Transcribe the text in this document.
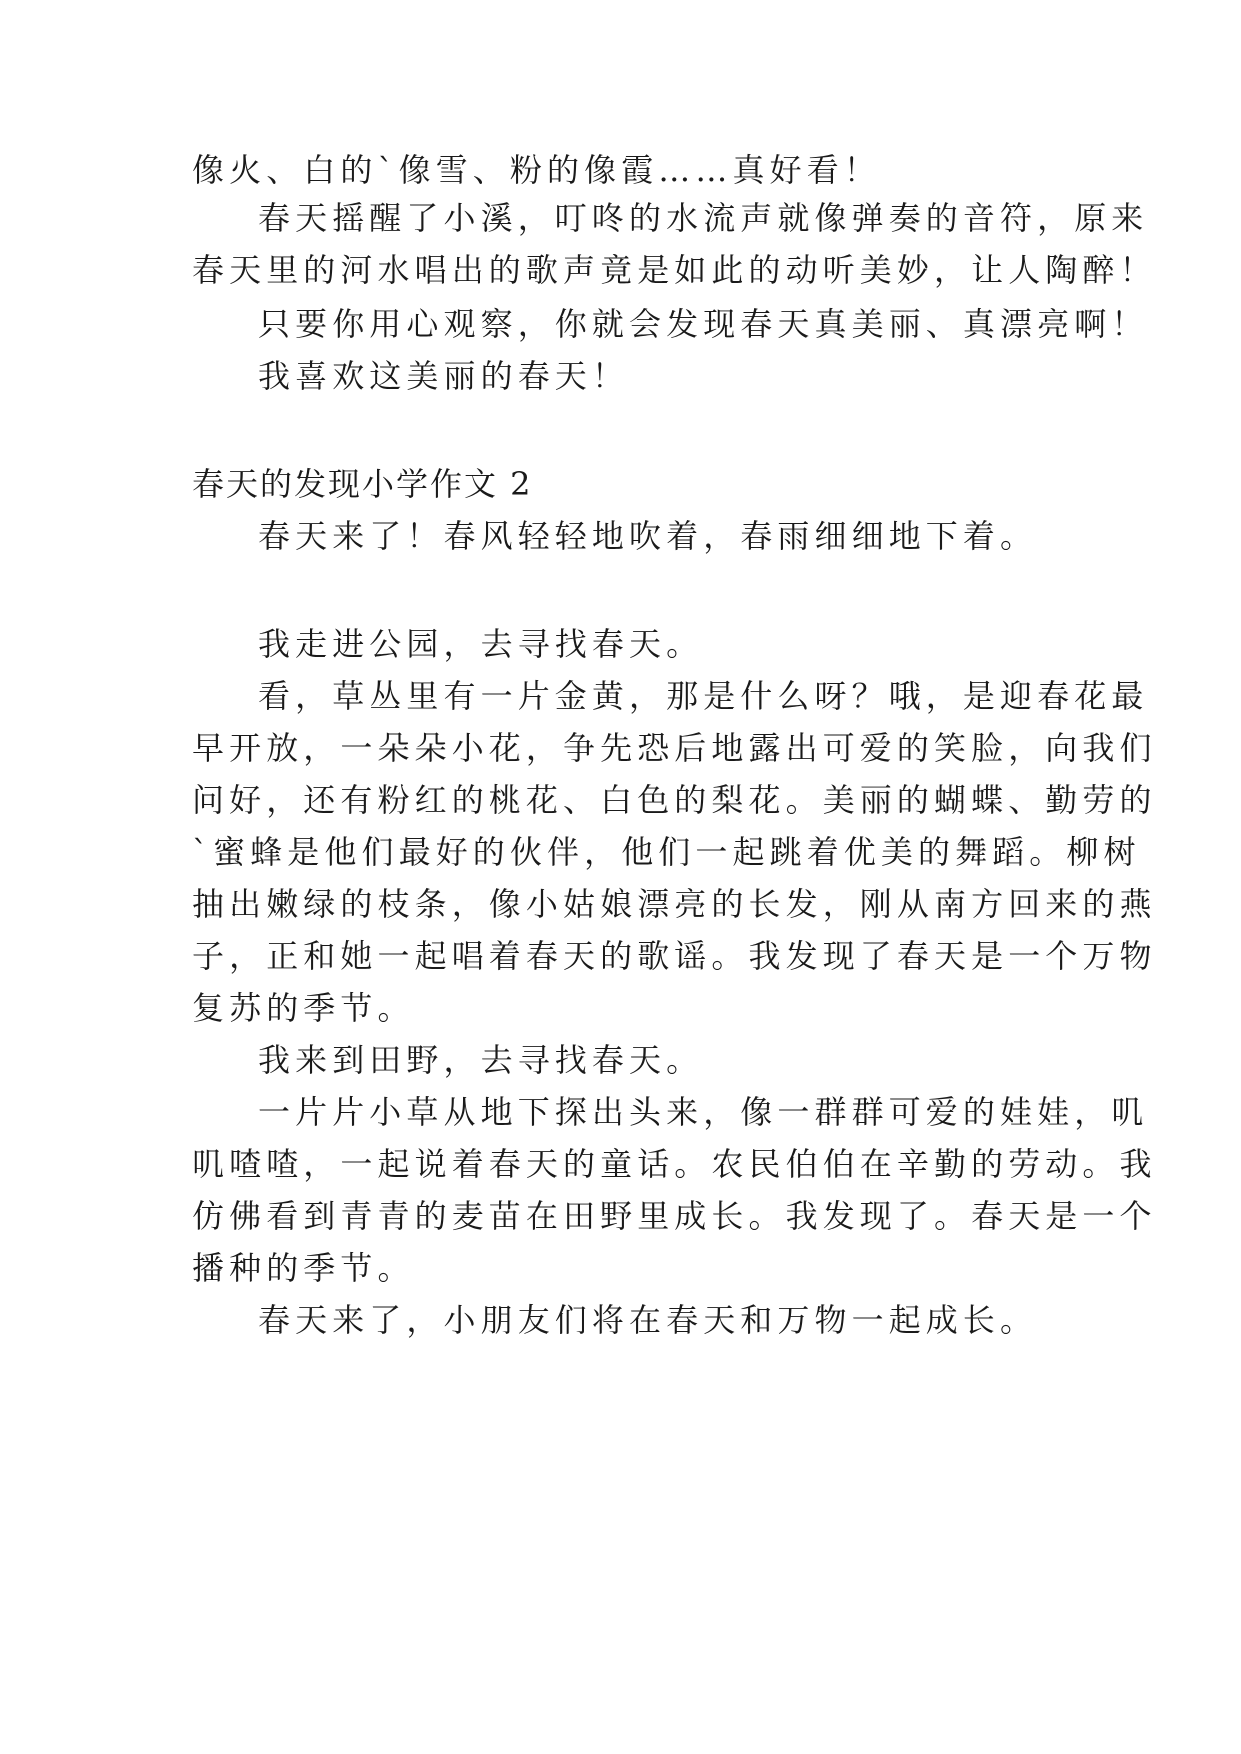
像火、白的`像雪、粉的像霞……真好看！
春天摇醒了小溪，叮咚的水流声就像弹奏的音符，原来
春天里的河水唱出的歌声竟是如此的动听美妙，让人陶醉！
只要你用心观察，你就会发现春天真美丽、真漂亮啊！
我喜欢这美丽的春天！
春天的发现小学作文 2
春天来了！春风轻轻地吹着，春雨细细地下着。
我走进公园，去寻找春天。
看，草丛里有一片金黄，那是什么呀？哦，是迎春花最
早开放，一朵朵小花，争先恐后地露出可爱的笑脸，向我们
问好，还有粉红的桃花、白色的梨花。美丽的蝴蝶、勤劳的
`蜜蜂是他们最好的伙伴，他们一起跳着优美的舞蹈。柳树
抽出嫩绿的枝条，像小姑娘漂亮的长发，刚从南方回来的燕
子，正和她一起唱着春天的歌谣。我发现了春天是一个万物
复苏的季节。
我来到田野，去寻找春天。
一片片小草从地下探出头来，像一群群可爱的娃娃，叽
叽喳喳，一起说着春天的童话。农民伯伯在辛勤的劳动。我
仿佛看到青青的麦苗在田野里成长。我发现了。春天是一个
播种的季节。
春天来了，小朋友们将在春天和万物一起成长。
